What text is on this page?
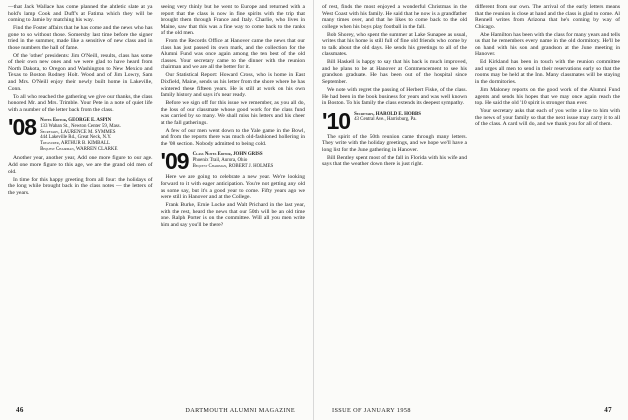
—that Jack Wallace has come planned the ahtletic slate at ya hold's lamp Cook and Duff's at Fatima which they will be coming to Jamie by matching his way.

Find the Foster affairs that he has come and the news who has gone to so without those. Somersby last time before the signer tried in the summer, made like a sensitive of new class and in those numbers the hall of fame.

Of the 'other' presidents: Jim O'Neill, results, class has some of their own new ones and we were glad to have heard from North Dakota, to Oregon and Washington to New Mexico and Texas to Boston Rodney Holt. Wood and of Jim Lowry, Sam and Mrs. O'Neill enjoy their newly built home in Lakeville, Conn.

To all who reached the gathering we give our thanks, the class honored Mr. and Mrs. Trimble. Your Pete in a note of quiet life with a number of the letter back from the class.

'08 Notes Editor, GEORGE E. ASPIN
133 Waban St., Newton Center 59, Mass.
Secretary, LAURENCE M. SYMMES
444 Lakeville Rd., Great Neck, N.Y.
Treasurer, ARTHUR B. KIMBALL
Bequest Chairman, WARREN CLARKE

Another year, another year, Add one more figure to our age. Add one more figure to this age, we are the grand old men of old.

In time for this happy greeting from all four: the holidays of the long while brought back in the class notes — the letters of the years.

seeing very thinly but he went to Europe and returned with a report that the class is now in fine spirits with the trip that brought them through France and Italy. Charlie, who lives in Maine, saw that this was a fine way to come back to the ranks of the old men.

From the Records Office at Hanover came the news that our class has just passed its own mark, and the collection for the Alumni Fund was once again among the ten best of the old classes. Your secretary came to the dinner with the reunion chairman and we are all the better for it.

Our Statistical Report: Howard Cross, who is home in East Dixfield, Maine, sends us his letter from the shore where he has wintered these fifteen years. He is still at work on his own family history and says it's near ready.

Before we sign off for this issue we remember, as you all do, the loss of our classmate whose good work for the class fund was carried by so many. We shall miss his letters and his cheer at the fall gatherings.

A few of our men went down to the Yale game in the Bowl, and from the reports there was much old-fashioned hollering in the '08 section. Nobody admitted to being cold.

'09 Class Notes Editor, JOHN GRISS
Phoenix Trail, Aurora, Ohio
Bequest Chairman, ROBERT J. HOLMES

Here we are going to celebrate a new year. We're looking forward to it with eager anticipation. You're not getting any old as some say, but it's a good year to come. Fifty years ago we were still in Hanover and at the College.

Frank Burke, Ernie Locke and Walt Prichard in the last year, with the rest, heard the news that our 50th will be an old time one. Ralph Porter is on the committee. Will all you men write him and say you'll be there?

46	DARTMOUTH ALUMNI MAGAZINE

of rest, finds the most enjoyed a wonderful Christmas in the West Coast with his family. He said that he now is a grandfather many times over, and that he likes to come back to the old college when his boys play football in the fall.

Bob Shorey, who spent the summer at Lake Sunapee as usual, writes that his home is still full of fine old friends who come by to talk about the old days. He sends his greetings to all of the classmates.

Bill Haskell is happy to say that his back is much improved, and he plans to be at Hanover at Commencement to see his grandson graduate. He has been out of the hospital since September.

We note with regret the passing of Herbert Fiske, of the class. He had been in the book business for years and was well known in Boston. To his family the class extends its deepest sympathy.

'10 Secretary, HAROLD E. HOBBS
43 Central Ave., Harrisburg, Pa.

The spirit of the 50th reunion came through many letters. They write with the holiday greetings, and we hope we'll have a long list for the June gathering in Hanover.

Bill Bentley spent most of the fall in Florida with his wife and says that the weather down there is just right.

different from our own. The arrival of the early letters means that the reunion is close at hand and the class is glad to come. Al Rennell writes from Arizona that he's coming by way of Chicago.

Abe Hamilton has been with the class for many years and tells us that he remembers every name in the old dormitory. He'll be on hand with his son and grandson at the June meeting in Hanover.

Ed Kirkland has been in touch with the reunion committee and urges all men to send in their reservations early so that the rooms may be held at the Inn. Many classmates will be staying in the dormitories.

Jim Maloney reports on the good work of the Alumni Fund agents and sends his hopes that we may once again reach the top. He said the old '10 spirit is stronger than ever.

Your secretary asks that each of you write a line to him with the news of your family so that the next issue may carry it to all of the class. A card will do, and we thank you for all of them.

ISSUE OF JANUARY 1958	47
